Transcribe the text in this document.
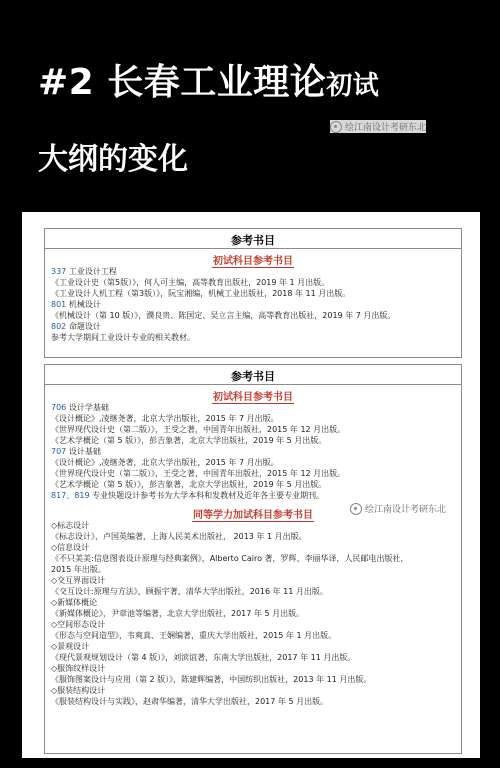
#2 长春工业理论初试
大纲的变化
参考书目
初试科目参考书目
337 工业设计工程
《工业设计史（第5版）》，何人可主编，高等教育出版社，2019 年 1 月出版。
《工业设计人机工程（第3版）》，阮宝湘编，机械工业出版社，2018 年 11 月出版。
801 机械设计
《机械设计（第 10 版）》，濮良贵、陈国定、吴立言主编，高等教育出版社，2019 年 7 月出版。
802 命题设计
参考大学期间工业设计专业的相关教材。
参考书目
初试科目参考书目
706 设计学基础
《设计概论》,凌继尧著，北京大学出版社，2015 年 7 月出版。
《世界现代设计史（第二版）》，王受之著，中国青年出版社，2015 年 12 月出版。
《艺术学概论（第 5 版）》，彭吉象著，北京大学出版社，2019 年 5 月出版。
707 设计基础
《设计概论》,凌继尧著，北京大学出版社，2015 年 7 月出版。
《世界现代设计史（第二版）》，王受之著，中国青年出版社，2015 年 12 月出版。
《艺术学概论（第 5 版）》，彭吉象著，北京大学出版社，2019 年 5 月出版。
817、819 专业快题设计参考书为大学本科和发教材及近年各主要专业期刊。
同等学力加试科目参考书目
◇标志设计
《标志设计》，卢国英编著，上海人民美术出版社， 2013 年 1 月出版。
◇信息设计
《不只美美:信息图表设计原理与经典案例》，Alberto Cairo 著，罗辉、李丽华译，人民邮电出版社，
2015 年出版。
◇交互界面设计
《交互设计:原理与方法》，顾振宇著，清华大学出版社，2016 年 11 月出版。
◇新媒体概论
《新媒体概论》，尹章池等编著，北京大学出版社，2017 年 5 月出版。
◇空间形态设计
《形态与空间造型》，韦爽真、王娴编著，重庆大学出版社，2015 年 1 月出版。
◇景观设计
《现代景观规划设计（第 4 版）》，刘滨谊著，东南大学出版社，2017 年 11 月出版。
◇服饰纹样设计
《服饰图案设计与应用（第 2 版）》，陈建辉编著，中国纺织出版社，2013 年 11 月出版。
◇服装结构设计
《服装结构设计与实践》，赵肃华编著，清华大学出版社，2017 年 5 月出版。
绘江南设计考研东北
绘江南设计考研东北
